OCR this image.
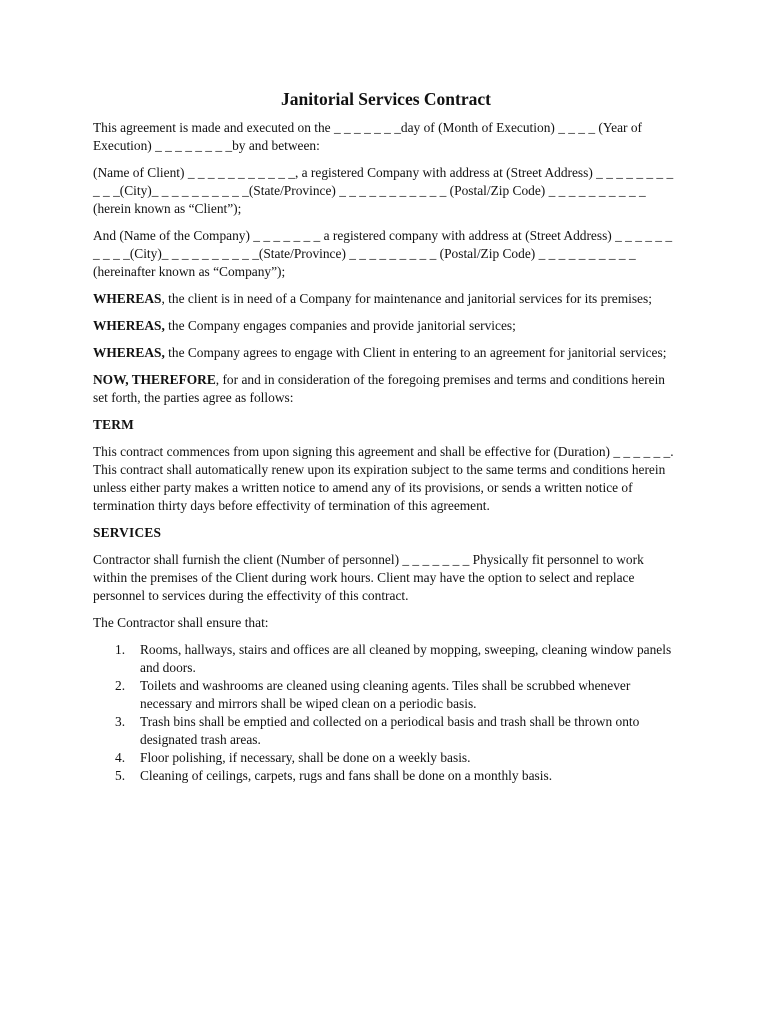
Janitorial Services Contract

This agreement is made and executed on the _ _ _ _ _ _ _day of (Month of Execution) _ _ _ _ (Year of Execution) _ _ _ _ _ _ _ _by and between:

(Name of Client) _ _ _ _ _ _ _ _ _ _ _, a registered Company with address at (Street Address) _ _ _ _ _ _ _ _ _ _ _(City)_ _ _ _ _ _ _ _ _ _(State/Province) _ _ _ _ _ _ _ _ _ _ _ (Postal/Zip Code) _ _ _ _ _ _ _ _ _ _ (herein known as “Client”);

And (Name of the Company) _ _ _ _ _ _ _ a registered company with address at (Street Address) _ _ _ _ _ _ _ _ _ _(City)_ _ _ _ _ _ _ _ _ _(State/Province) _ _ _ _ _ _ _ _ _ (Postal/Zip Code) _ _ _ _ _ _ _ _ _ _ (hereinafter known as “Company”);

WHEREAS, the client is in need of a Company for maintenance and janitorial services for its premises;

WHEREAS, the Company engages companies and provide janitorial services;

WHEREAS, the Company agrees to engage with Client in entering to an agreement for janitorial services;

NOW, THEREFORE, for and in consideration of the foregoing premises and terms and conditions herein set forth, the parties agree as follows:

TERM

This contract commences from upon signing this agreement and shall be effective for (Duration) _ _ _ _ _ _. This contract shall automatically renew upon its expiration subject to the same terms and conditions herein unless either party makes a written notice to amend any of its provisions, or sends a written notice of termination thirty days before effectivity of termination of this agreement.

SERVICES

Contractor shall furnish the client (Number of personnel) _ _ _ _ _ _ _ Physically fit personnel to work within the premises of the Client during work hours. Client may have the option to select and replace personnel to services during the effectivity of this contract.

The Contractor shall ensure that:

1. Rooms, hallways, stairs and offices are all cleaned by mopping, sweeping, cleaning window panels and doors.
2. Toilets and washrooms are cleaned using cleaning agents. Tiles shall be scrubbed whenever necessary and mirrors shall be wiped clean on a periodic basis.
3. Trash bins shall be emptied and collected on a periodical basis and trash shall be thrown onto designated trash areas.
4. Floor polishing, if necessary, shall be done on a weekly basis.
5. Cleaning of ceilings, carpets, rugs and fans shall be done on a monthly basis.
